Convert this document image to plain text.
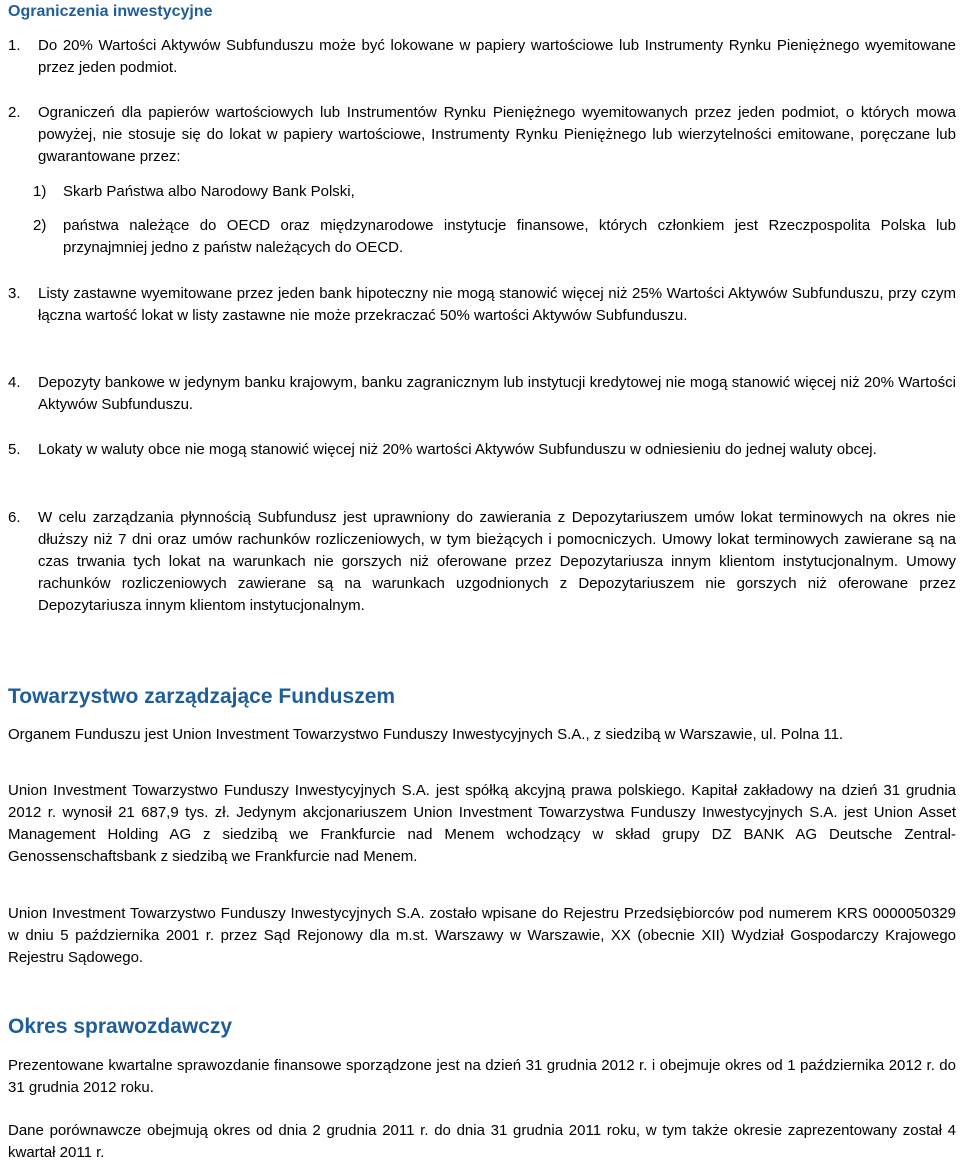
Ograniczenia inwestycyjne
1. Do 20% Wartości Aktywów Subfunduszu może być lokowane w papiery wartościowe lub Instrumenty Rynku Pieniężnego wyemitowane przez jeden podmiot.
2. Ograniczeń dla papierów wartościowych lub Instrumentów Rynku Pieniężnego wyemitowanych przez jeden podmiot, o których mowa powyżej, nie stosuje się do lokat w papiery wartościowe, Instrumenty Rynku Pieniężnego lub wierzytelności emitowane, poręczane lub gwarantowane przez:
1) Skarb Państwa albo Narodowy Bank Polski,
2) państwa należące do OECD oraz międzynarodowe instytucje finansowe, których członkiem jest Rzeczpospolita Polska lub przynajmniej jedno z państw należących do OECD.
3. Listy zastawne wyemitowane przez jeden bank hipoteczny nie mogą stanowić więcej niż 25% Wartości Aktywów Subfunduszu, przy czym łączna wartość lokat w listy zastawne nie może przekraczać 50% wartości Aktywów Subfunduszu.
4. Depozyty bankowe w jedynym banku krajowym, banku zagranicznym lub instytucji kredytowej nie mogą stanowić więcej niż 20% Wartości Aktywów Subfunduszu.
5. Lokaty w waluty obce nie mogą stanowić więcej niż 20% wartości Aktywów Subfunduszu w odniesieniu do jednej waluty obcej.
6. W celu zarządzania płynnością Subfundusz jest uprawniony do zawierania z Depozytariuszem umów lokat terminowych na okres nie dłuższy niż 7 dni oraz umów rachunków rozliczeniowych, w tym bieżących i pomocniczych. Umowy lokat terminowych zawierane są na czas trwania tych lokat na warunkach nie gorszych niż oferowane przez Depozytariusza innym klientom instytucjonalnym. Umowy rachunków rozliczeniowych zawierane są na warunkach uzgodnionych z Depozytariuszem nie gorszych niż oferowane przez Depozytariusza innym klientom instytucjonalnym.
Towarzystwo zarządzające Funduszem

Organem Funduszu jest Union Investment Towarzystwo Funduszy Inwestycyjnych S.A., z siedzibą w Warszawie, ul. Polna 11.

Union Investment Towarzystwo Funduszy Inwestycyjnych S.A. jest spółką akcyjną prawa polskiego. Kapitał zakładowy na dzień 31 grudnia 2012 r. wynosił 21 687,9 tys. zł. Jedynym akcjonariuszem Union Investment Towarzystwa Funduszy Inwestycyjnych S.A. jest Union Asset Management Holding AG z siedzibą we Frankfurcie nad Menem wchodzący w skład grupy DZ BANK AG Deutsche Zentral-Genossenschaftsbank z siedzibą we Frankfurcie nad Menem.

Union Investment Towarzystwo Funduszy Inwestycyjnych S.A. zostało wpisane do Rejestru Przedsiębiorców pod numerem KRS 0000050329 w dniu 5 października 2001 r. przez Sąd Rejonowy dla m.st. Warszawy w Warszawie, XX (obecnie XII) Wydział Gospodarczy Krajowego Rejestru Sądowego.

Okres sprawozdawczy

Prezentowane kwartalne sprawozdanie finansowe sporządzone jest na dzień 31 grudnia 2012 r. i obejmuje okres od 1 października 2012 r. do 31 grudnia 2012 roku.

Dane porównawcze obejmują okres od dnia 2 grudnia 2011 r. do dnia 31 grudnia 2011 roku, w tym także okresie zaprezentowany został 4 kwartał 2011 r.
